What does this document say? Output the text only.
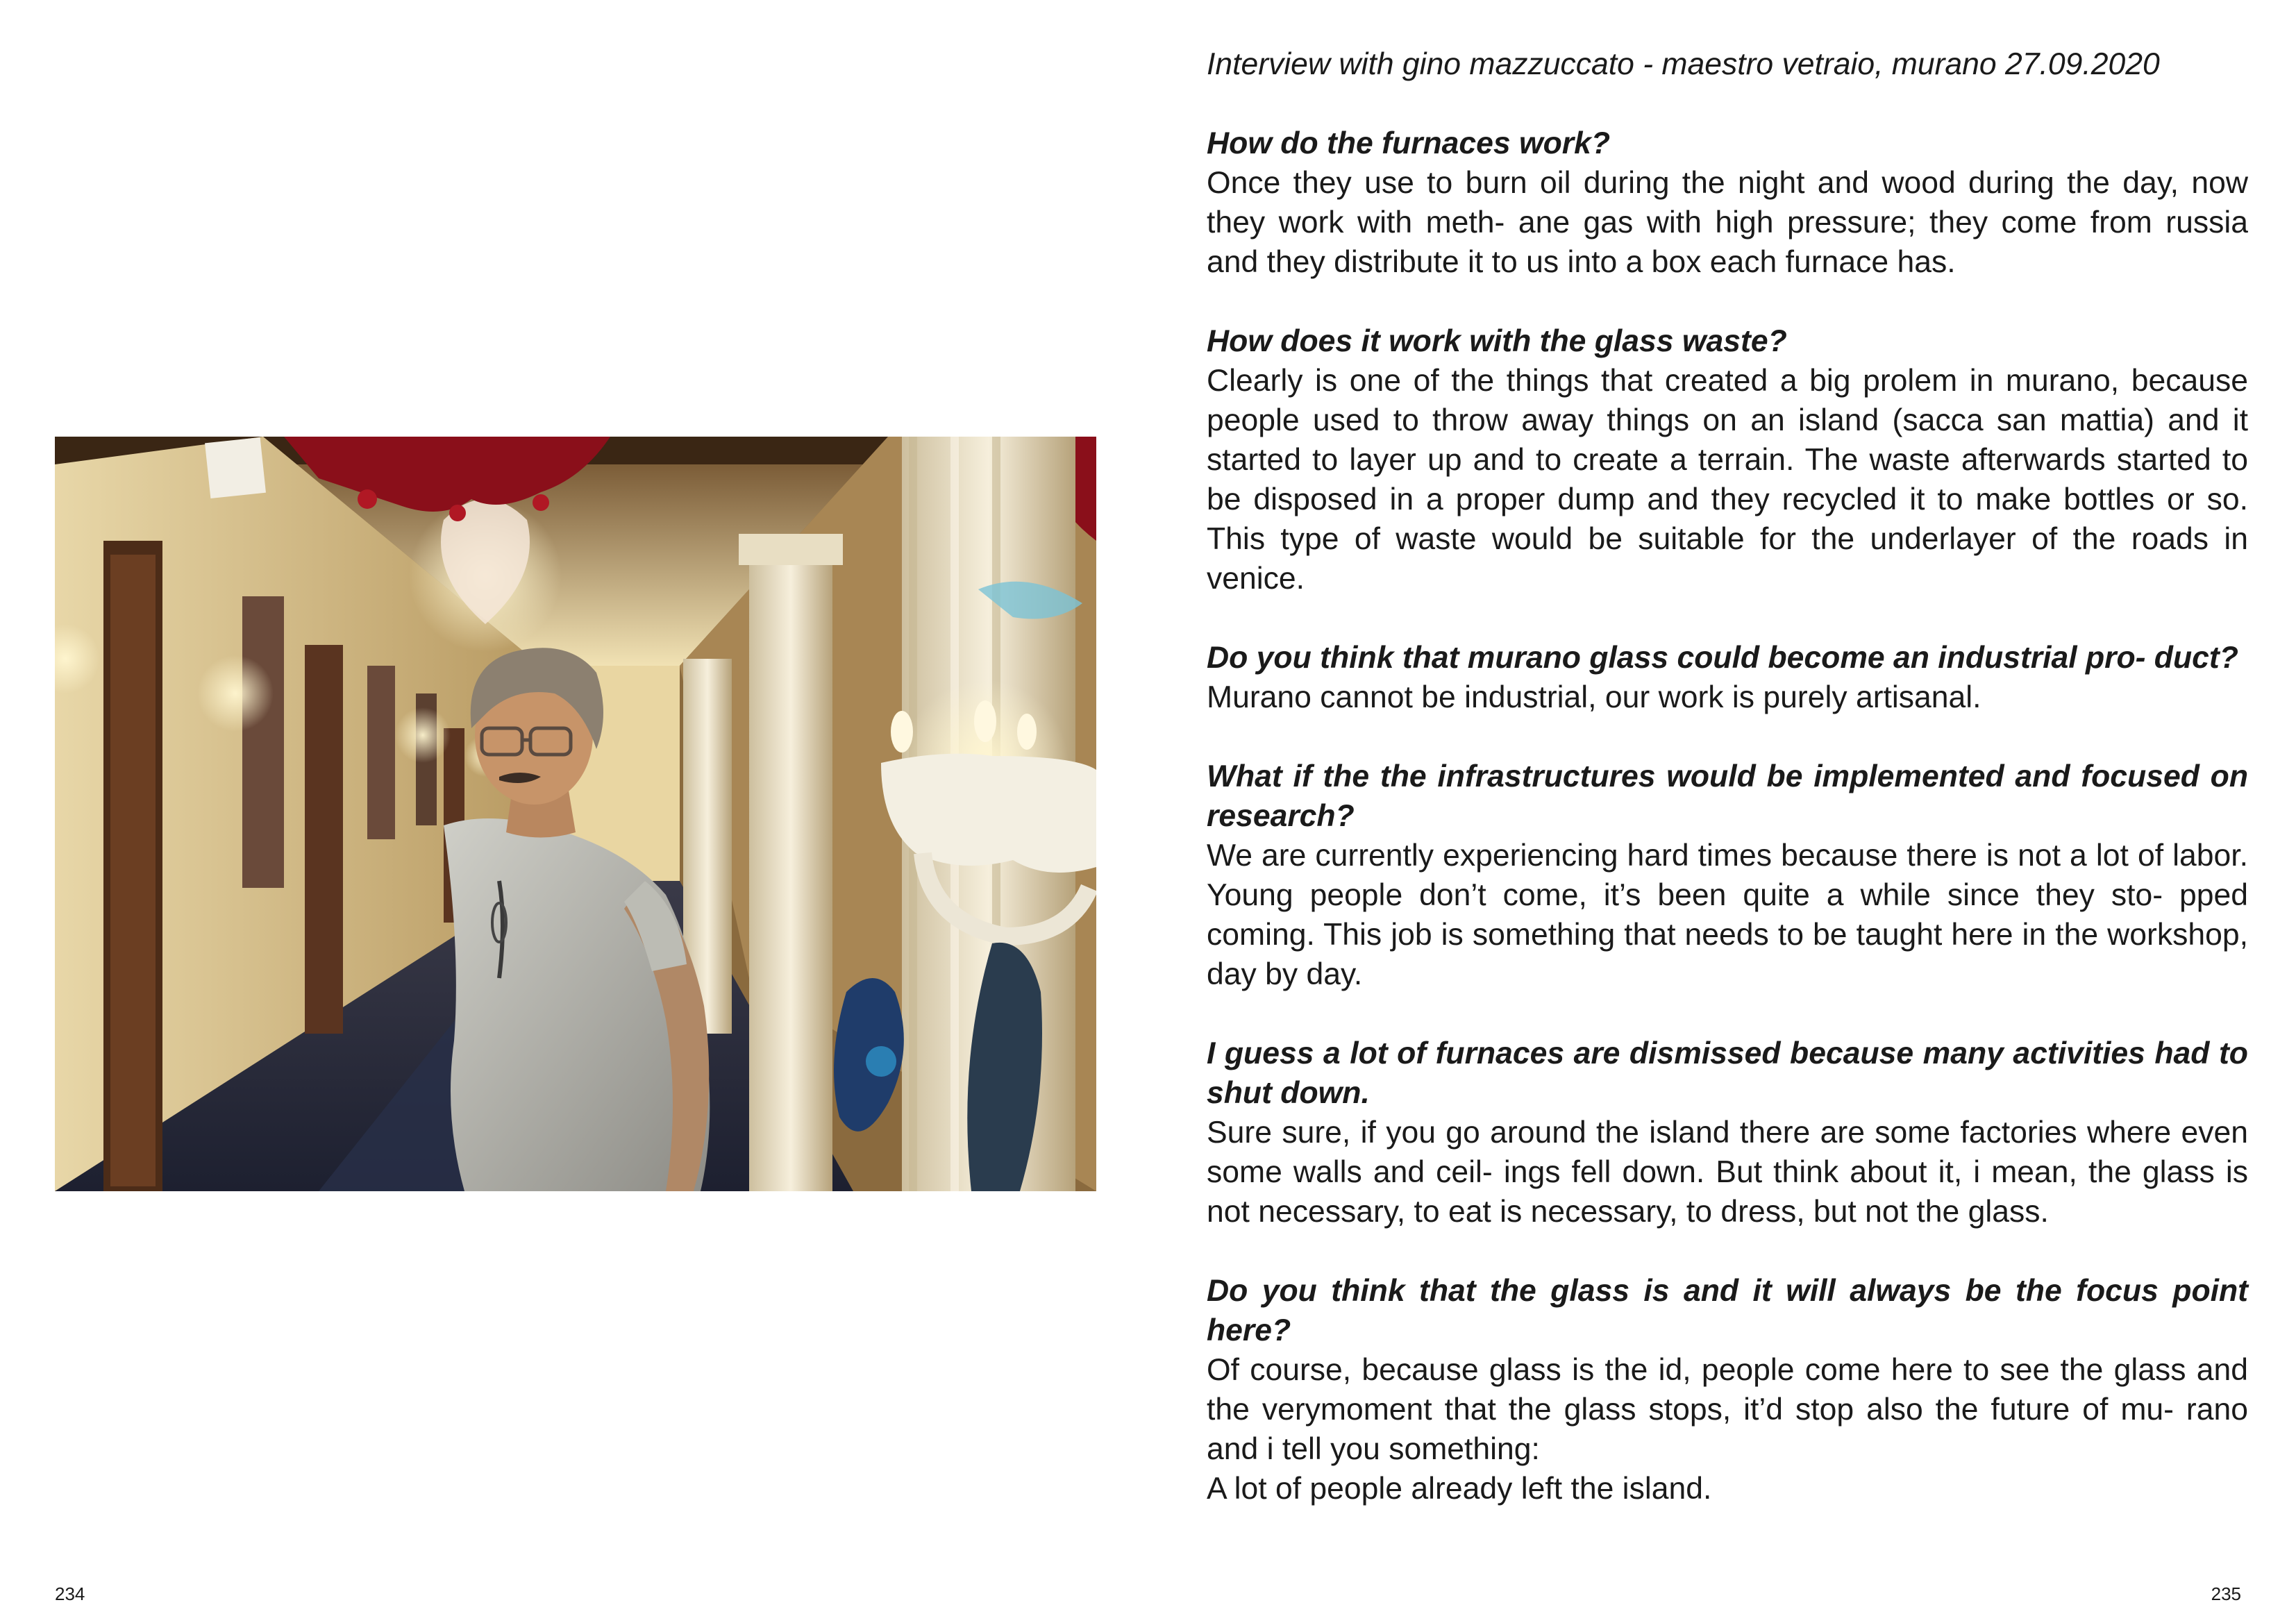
234

Interview with gino mazzuccato - maestro vetraio, murano 27.09.2020

How do the furnaces work?

Once they use to burn oil during the night and wood during the day, now they work with meth- ane gas with high pressure; they come from russia and they distribute it to us into a box each furnace has.

How does it work with the glass waste?

Clearly is one of the things that created a big prolem in murano, because people used to throw away things on an island (sacca san mattia) and it started to layer up and to create a terrain. The waste afterwards started to be disposed in a proper dump and they recycled it to make bottles or so. This type of waste would be suitable for the underlayer of the roads in venice.

Do you think that murano glass could become an industrial pro- duct?

Murano cannot be industrial, our work is purely artisanal.

What if the the infrastructures would be implemented and focused on research?

We are currently experiencing hard times because there is not a lot of labor. Young people don’t come, it’s been quite a while since they sto- pped coming. This job is something that needs to be taught here in the workshop, day by day.

I guess a lot of furnaces are dismissed because many activities had to shut down.

Sure sure, if you go around the island there are some factories where even some walls and ceil- ings fell down. But think about it, i mean, the glass is not necessary, to eat is necessary, to dress, but not the glass.

Do you think that the glass is and it will always be the focus point here?

Of course, because glass is the id, people come here to see the glass and the verymoment that the glass stops, it’d stop also the future of mu- rano and i tell you something:

A lot of people already left the island.

235
